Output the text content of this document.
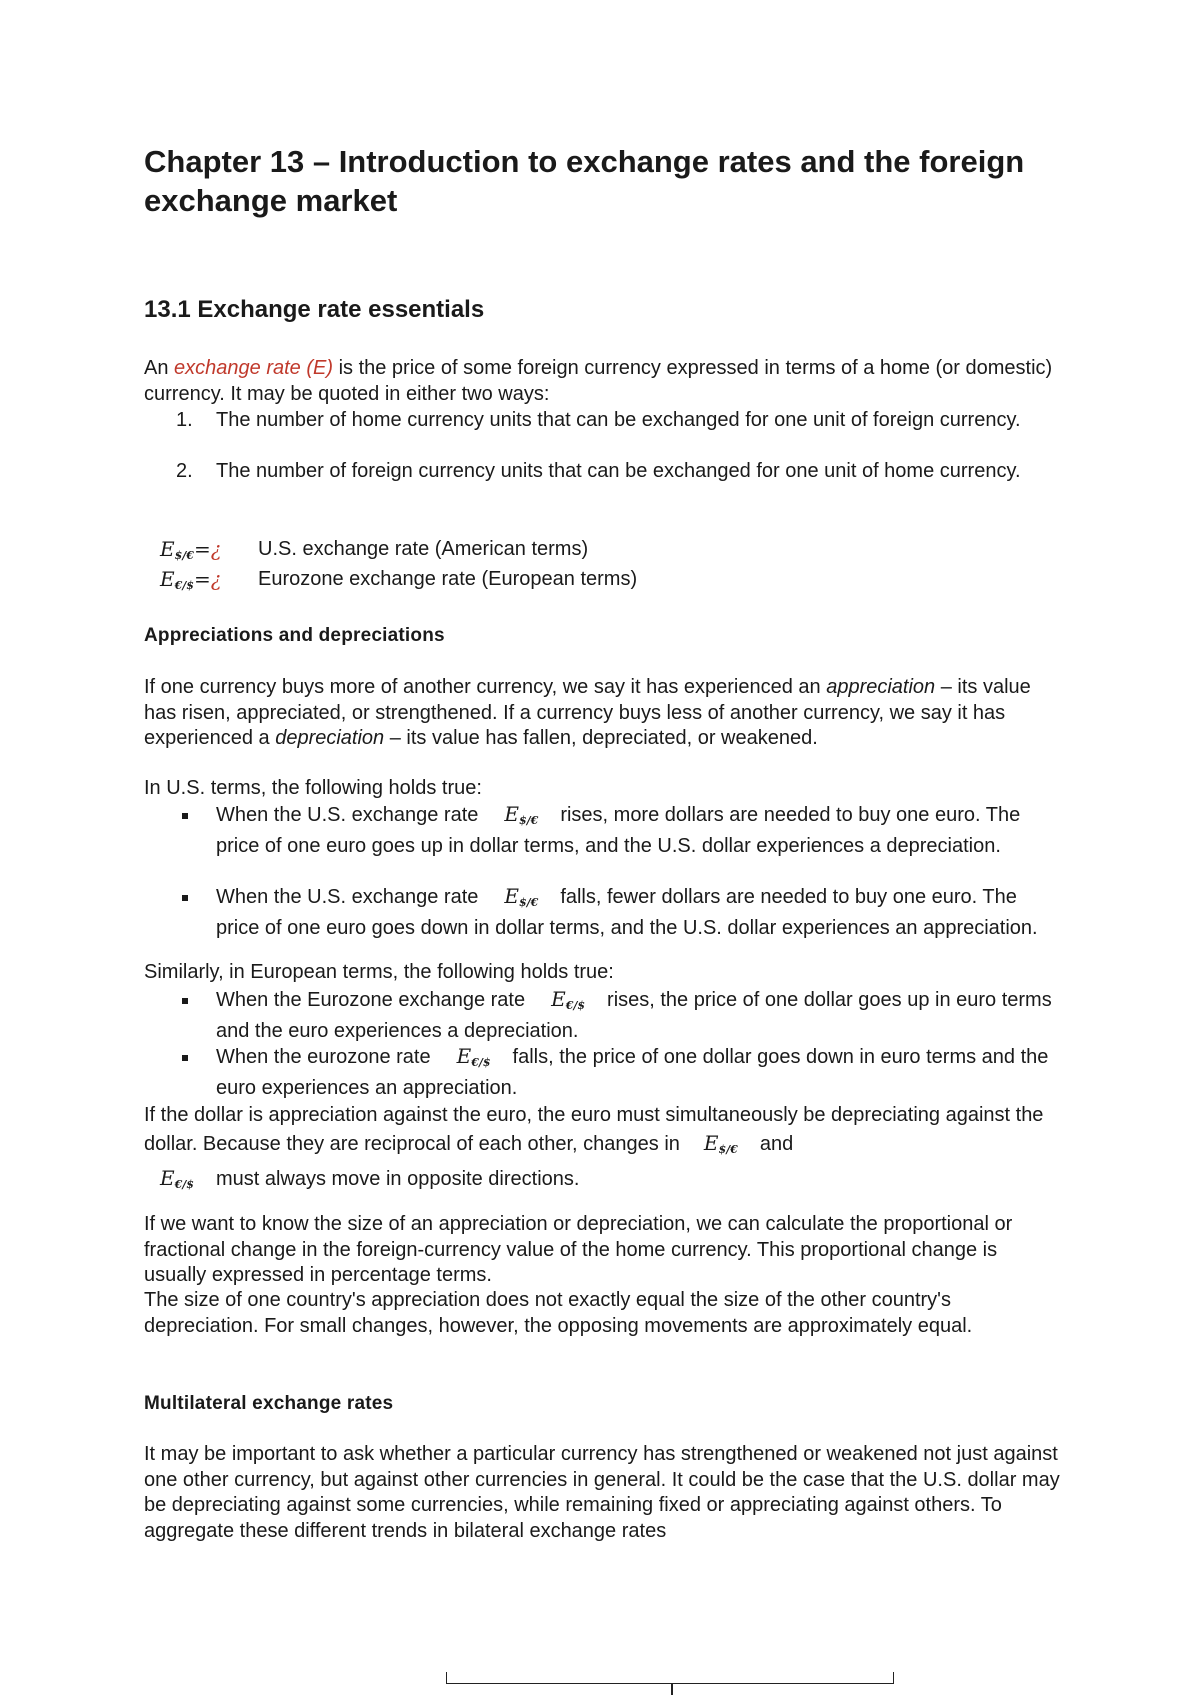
Chapter 13 – Introduction to exchange rates and the foreign exchange market
13.1 Exchange rate essentials

An exchange rate (E) is the price of some foreign currency expressed in terms of a home (or domestic) currency. It may be quoted in either two ways:

1. The number of home currency units that can be exchanged for one unit of foreign currency.
2. The number of foreign currency units that can be exchanged for one unit of home currency.
$E_{\$/€}=¿$ U.S. exchange rate (American terms)
$E_{€/\$}=¿$ Eurozone exchange rate (European terms)
Appreciations and depreciations

If one currency buys more of another currency, we say it has experienced an appreciation – its value has risen, appreciated, or strengthened. If a currency buys less of another currency, we say it has experienced a depreciation – its value has fallen, depreciated, or weakened.

In U.S. terms, the following holds true:

When the U.S. exchange rate $E_{\$/€}$ rises, more dollars are needed to buy one euro. The price of one euro goes up in dollar terms, and the U.S. dollar experiences a depreciation.
When the U.S. exchange rate $E_{\$/€}$ falls, fewer dollars are needed to buy one euro. The price of one euro goes down in dollar terms, and the U.S. dollar experiences an appreciation.

Similarly, in European terms, the following holds true:

When the Eurozone exchange rate $E_{€/\$}$ rises, the price of one dollar goes up in euro terms and the euro experiences a depreciation.
When the eurozone rate $E_{€/\$}$ falls, the price of one dollar goes down in euro terms and the euro experiences an appreciation.

If the dollar is appreciation against the euro, the euro must simultaneously be depreciating against the dollar. Because they are reciprocal of each other, changes in $E_{\$/€}$ and
$E_{€/\$}$ must always move in opposite directions.

If we want to know the size of an appreciation or depreciation, we can calculate the proportional or fractional change in the foreign-currency value of the home currency. This proportional change is usually expressed in percentage terms.

The size of one country's appreciation does not exactly equal the size of the other country's depreciation. For small changes, however, the opposing movements are approximately equal.

Multilateral exchange rates

It may be important to ask whether a particular currency has strengthened or weakened not just against one other currency, but against other currencies in general. It could be the case that the U.S. dollar may be depreciating against some currencies, while remaining fixed or appreciating against others. To aggregate these different trends in bilateral exchange rates
